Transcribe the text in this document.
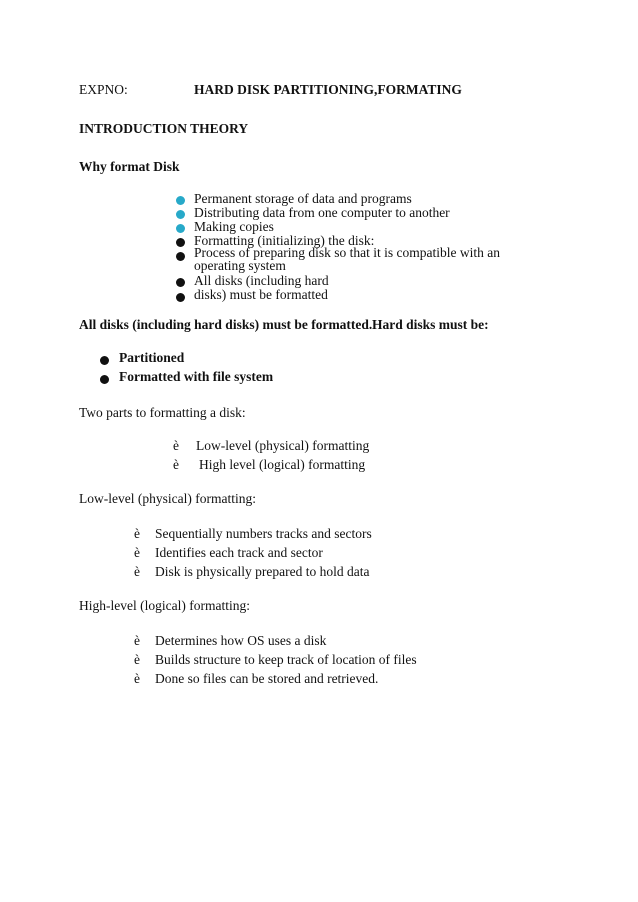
EXPNO:	HARD DISK PARTITIONING,FORMATING
INTRODUCTION THEORY
Why format Disk
Permanent storage of data and programs
Distributing data from one computer to another
Making copies
Formatting (initializing) the disk:
Process of preparing disk so that it is compatible with an operating system
All disks (including hard
disks) must be formatted
All disks (including hard disks) must be formatted. Hard disks must be:
Partitioned
Formatted with file system
Two parts to formatting a disk:
è Low-level (physical) formatting
è High level (logical) formatting
Low-level (physical) formatting:
è Sequentially numbers tracks and sectors
è Identifies each track and sector
è Disk is physically prepared to hold data
High-level (logical) formatting:
è Determines how OS uses a disk
è Builds structure to keep track of location of files
è Done so files can be stored and retrieved.
